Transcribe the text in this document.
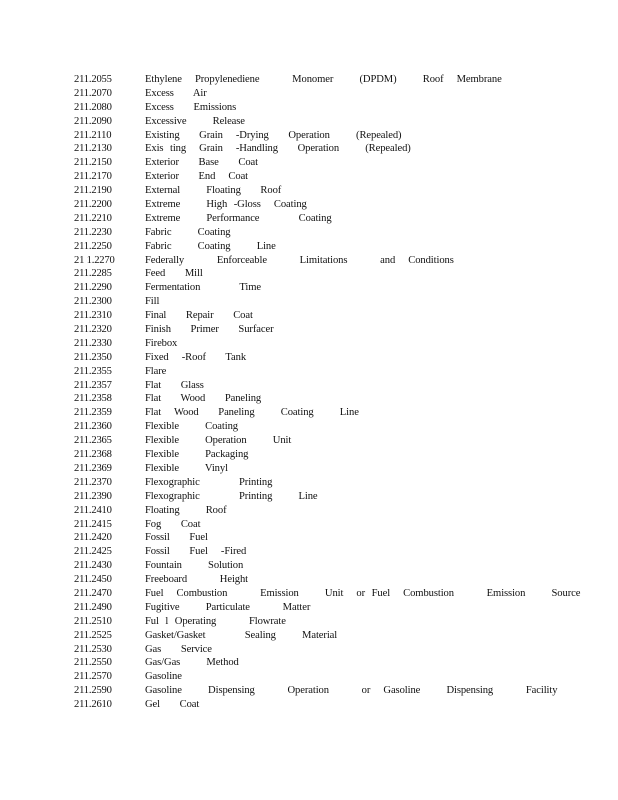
211.2055	Ethylene  Propylenediene     Monomer    (DPDM)    Roof  Membrane
211.2070	Excess   Air
211.2080	Excess   Emissions
211.2090	Excessive    Release
211.2110	Existing   Grain  -Drying   Operation    (Repealed)
211.2130	Exis ting  Grain  -Handling   Operation    (Repealed)
211.2150	Exterior   Base   Coat
211.2170	Exterior   End  Coat
211.2190	External    Floating   Roof
211.2200	Extreme    High -Gloss  Coating
211.2210	Extreme    Performance      Coating
211.2230	Fabric    Coating
211.2250	Fabric    Coating    Line
21 1.2270	Federally     Enforceable     Limitations     and  Conditions
211.2285	Feed   Mill
211.2290	Fermentation      Time
211.2300	Fill
211.2310	Final   Repair   Coat
211.2320	Finish   Primer   Surfacer
211.2330	Firebox
211.2350	Fixed  -Roof   Tank
211.2355	Flare
211.2357	Flat   Glass
211.2358	Flat   Wood   Paneling
211.2359	Flat  Wood   Paneling    Coating    Line
211.2360	Flexible    Coating
211.2365	Flexible    Operation    Unit
211.2368	Flexible    Packaging
211.2369	Flexible    Vinyl
211.2370	Flexographic      Printing
211.2390	Flexographic      Printing    Line
211.2410	Floating    Roof
211.2415	Fog   Coat
211.2420	Fossil   Fuel
211.2425	Fossil   Fuel  -Fired
211.2430	Fountain    Solution
211.2450	Freeboard     Height
211.2470	Fuel  Combustion     Emission    Unit  or Fuel  Combustion     Emission    Source
211.2490	Fugitive    Particulate     Matter
211.2510	Ful l Operating     Flowrate
211.2525	Gasket/Gasket      Sealing    Material
211.2530	Gas   Service
211.2550	Gas/Gas    Method
211.2570	Gasoline
211.2590	Gasoline    Dispensing     Operation     or  Gasoline    Dispensing     Facility
211.2610	Gel   Coat
